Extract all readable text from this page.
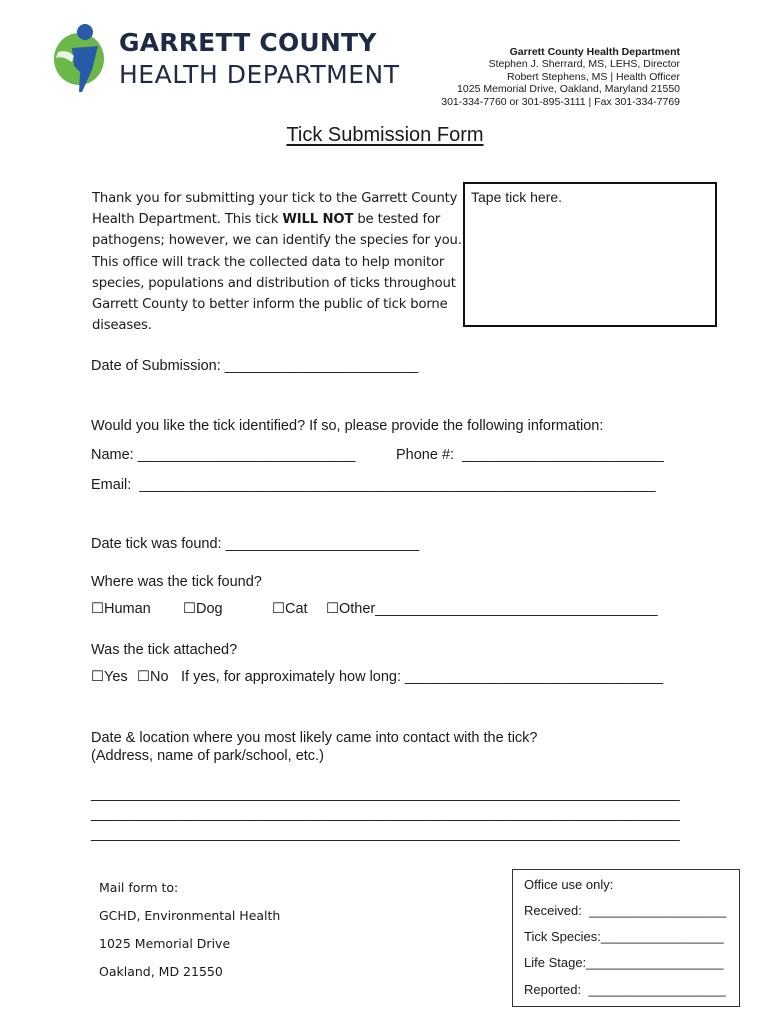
GARRETT COUNTY
HEALTH DEPARTMENT
Garrett County Health Department
Stephen J. Sherrard, MS, LEHS, Director
Robert Stephens, MS | Health Officer
1025 Memorial Drive, Oakland, Maryland 21550
301-334-7760 or 301-895-3111 | Fax 301-334-7769
Tick Submission Form
Thank you for submitting your tick to the Garrett County Health Department. This tick WILL NOT be tested for pathogens; however, we can identify the species for you. This office will track the collected data to help monitor species, populations and distribution of ticks throughout Garrett County to better inform the public of tick borne diseases.
Tape tick here.
Date of Submission: ________________________
Would you like the tick identified? If so, please provide the following information:
Name: ___________________________	Phone #:  _________________________
Email:  ________________________________________________________________
Date tick was found: ________________________
Where was the tick found?
☐Human ☐Dog	☐Cat ☐Other___________________________________
Was the tick attached?
☐Yes ☐No If yes, for approximately how long: ________________________________
Date & location where you most likely came into contact with the tick?
(Address, name of park/school, etc.)
_________________________________________________________________________
_________________________________________________________________________
_________________________________________________________________________
Mail form to:
GCHD, Environmental Health
1025 Memorial Drive
Oakland, MD 21550
Office use only:
Received:  ___________________
Tick Species:_________________
Life Stage:___________________
Reported:  ___________________
